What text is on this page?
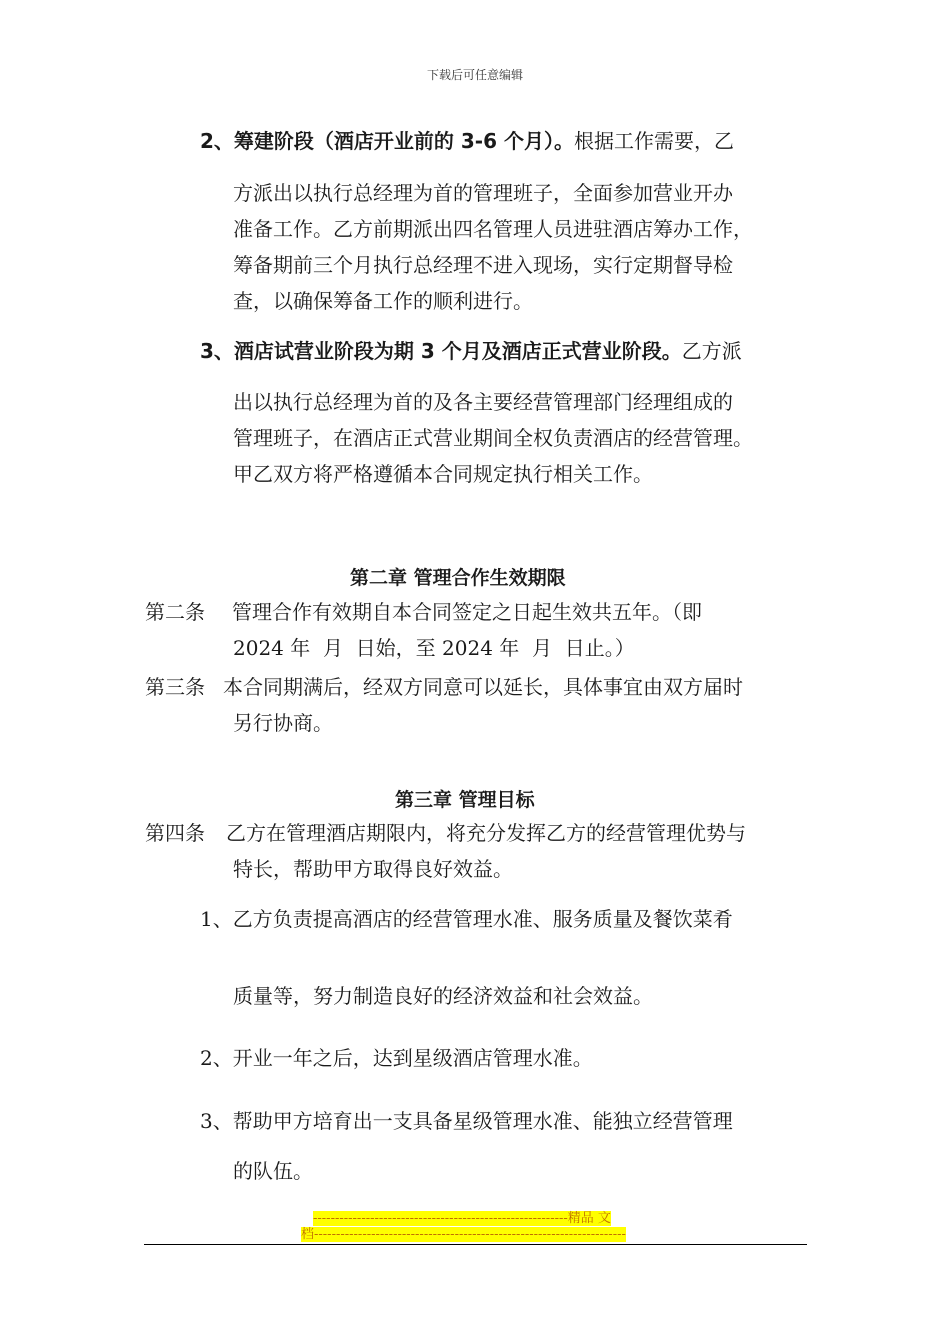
下载后可任意编辑
2、筹建阶段（酒店开业前的 3-6 个月）。根据工作需要，乙
方派出以执行总经理为首的管理班子，全面参加营业开办
准备工作。乙方前期派出四名管理人员进驻酒店筹办工作，
筹备期前三个月执行总经理不进入现场，实行定期督导检
查，以确保筹备工作的顺利进行。
3、酒店试营业阶段为期 3 个月及酒店正式营业阶段。乙方派
出以执行总经理为首的及各主要经营管理部门经理组成的
管理班子，在酒店正式营业期间全权负责酒店的经营管理。
甲乙双方将严格遵循本合同规定执行相关工作。
第二章 管理合作生效期限
第二条 管理合作有效期自本合同签定之日起生效共五年。（即
2024 年  月  日始，至 2024 年  月  日止。）
第三条 本合同期满后，经双方同意可以延长，具体事宜由双方届时
另行协商。
第三章 管理目标
第四条 乙方在管理酒店期限内，将充分发挥乙方的经营管理优势与
特长，帮助甲方取得良好效益。
1、乙方负责提高酒店的经营管理水准、服务质量及餐饮菜肴
质量等，努力制造良好的经济效益和社会效益。
2、开业一年之后，达到星级酒店管理水准。
3、帮助甲方培育出一支具备星级管理水准、能独立经营管理
的队伍。
----------------------------------------------------------精品 文
档-----------------------------------------------------------------------
